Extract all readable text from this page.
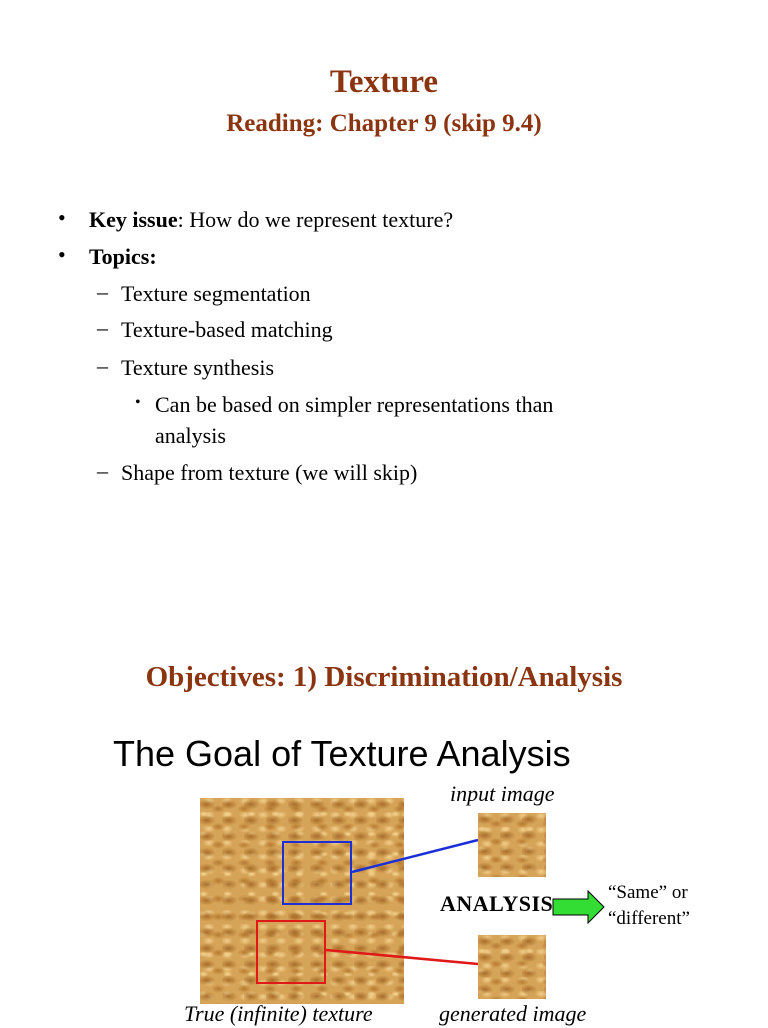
Texture
Reading: Chapter 9 (skip 9.4)
• Key issue: How do we represent texture?
• Topics:
– Texture segmentation
– Texture-based matching
– Texture synthesis
• Can be based on simpler representations than
analysis
– Shape from texture (we will skip)
Objectives: 1) Discrimination/Analysis
The Goal of Texture Analysis
input image
generated image
True (infinite) texture
ANALYSIS	“Same” or
“different”
